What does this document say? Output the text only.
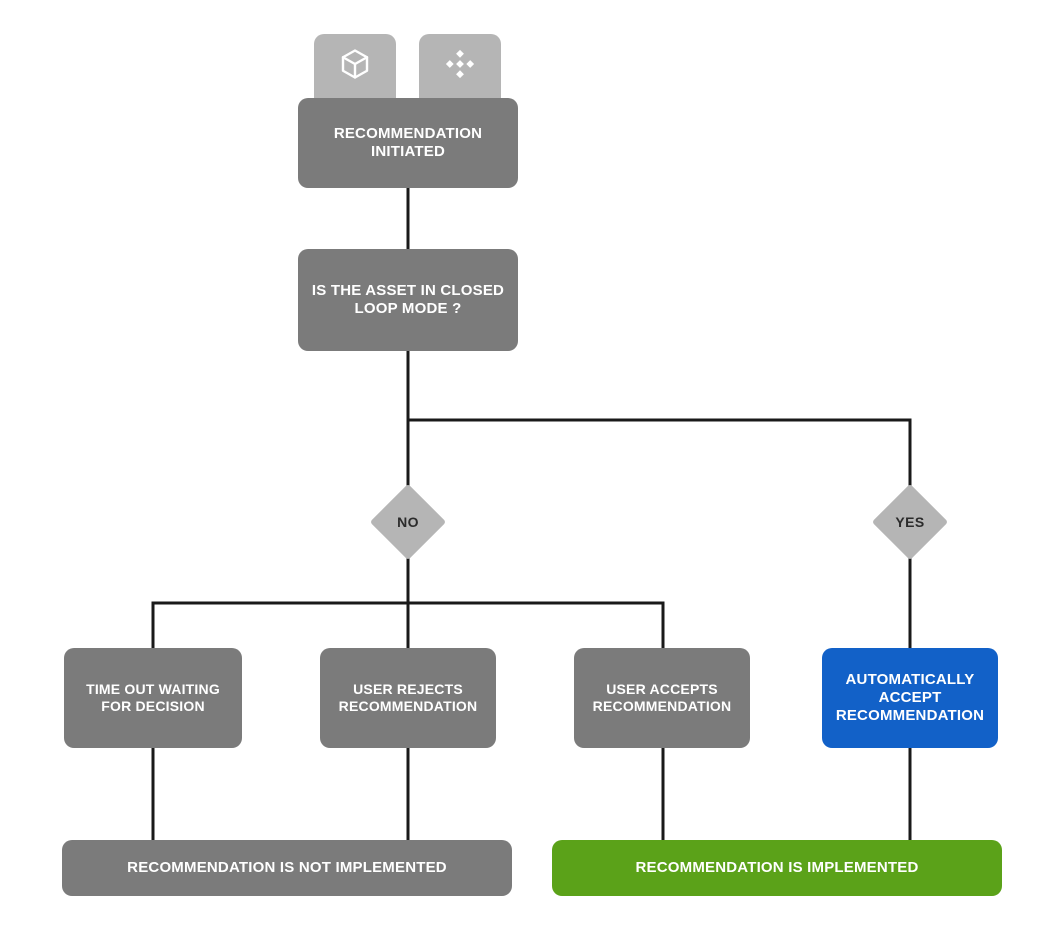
RECOMMENDATION INITIATED
IS THE ASSET IN CLOSED LOOP MODE ?
NO	YES
TIME OUT WAITING FOR DECISION
USER REJECTS RECOMMENDATION
USER ACCEPTS RECOMMENDATION
AUTOMATICALLY ACCEPT RECOMMENDATION
RECOMMENDATION IS NOT IMPLEMENTED	RECOMMENDATION IS IMPLEMENTED
